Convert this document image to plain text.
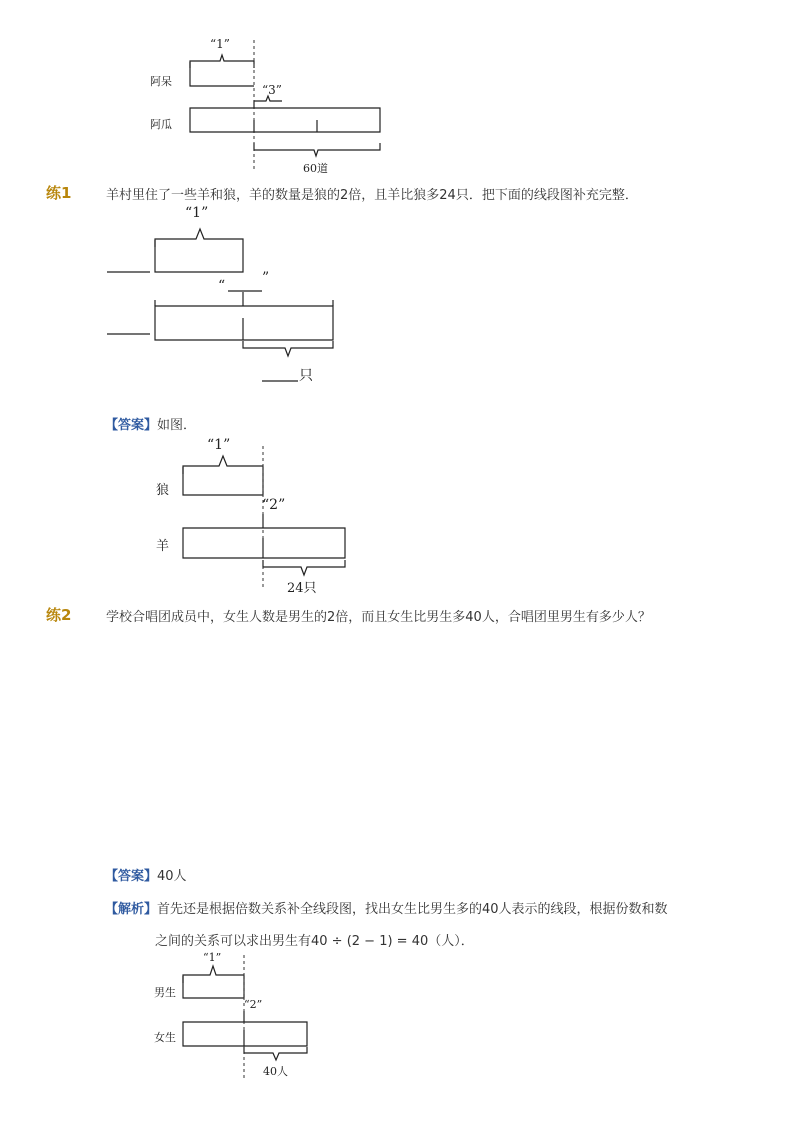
“1”
阿呆
“3”
阿瓜
60道
练1	羊村里住了一些羊和狼，羊的数量是狼的2倍，且羊比狼多24只．把下面的线段图补充完整．
“1”
“	”
只
【答案】如图．
“1”
狼
“2”
羊
24只
练2	学校合唱团成员中，女生人数是男生的2倍，而且女生比男生多40人，合唱团里男生有多少人？
【答案】40人
【解析】首先还是根据倍数关系补全线段图，找出女生比男生多的40人表示的线段，根据份数和数
之间的关系可以求出男生有40 ÷ (2 − 1) = 40（人）．
“1”
男生
“2”
女生
40人
